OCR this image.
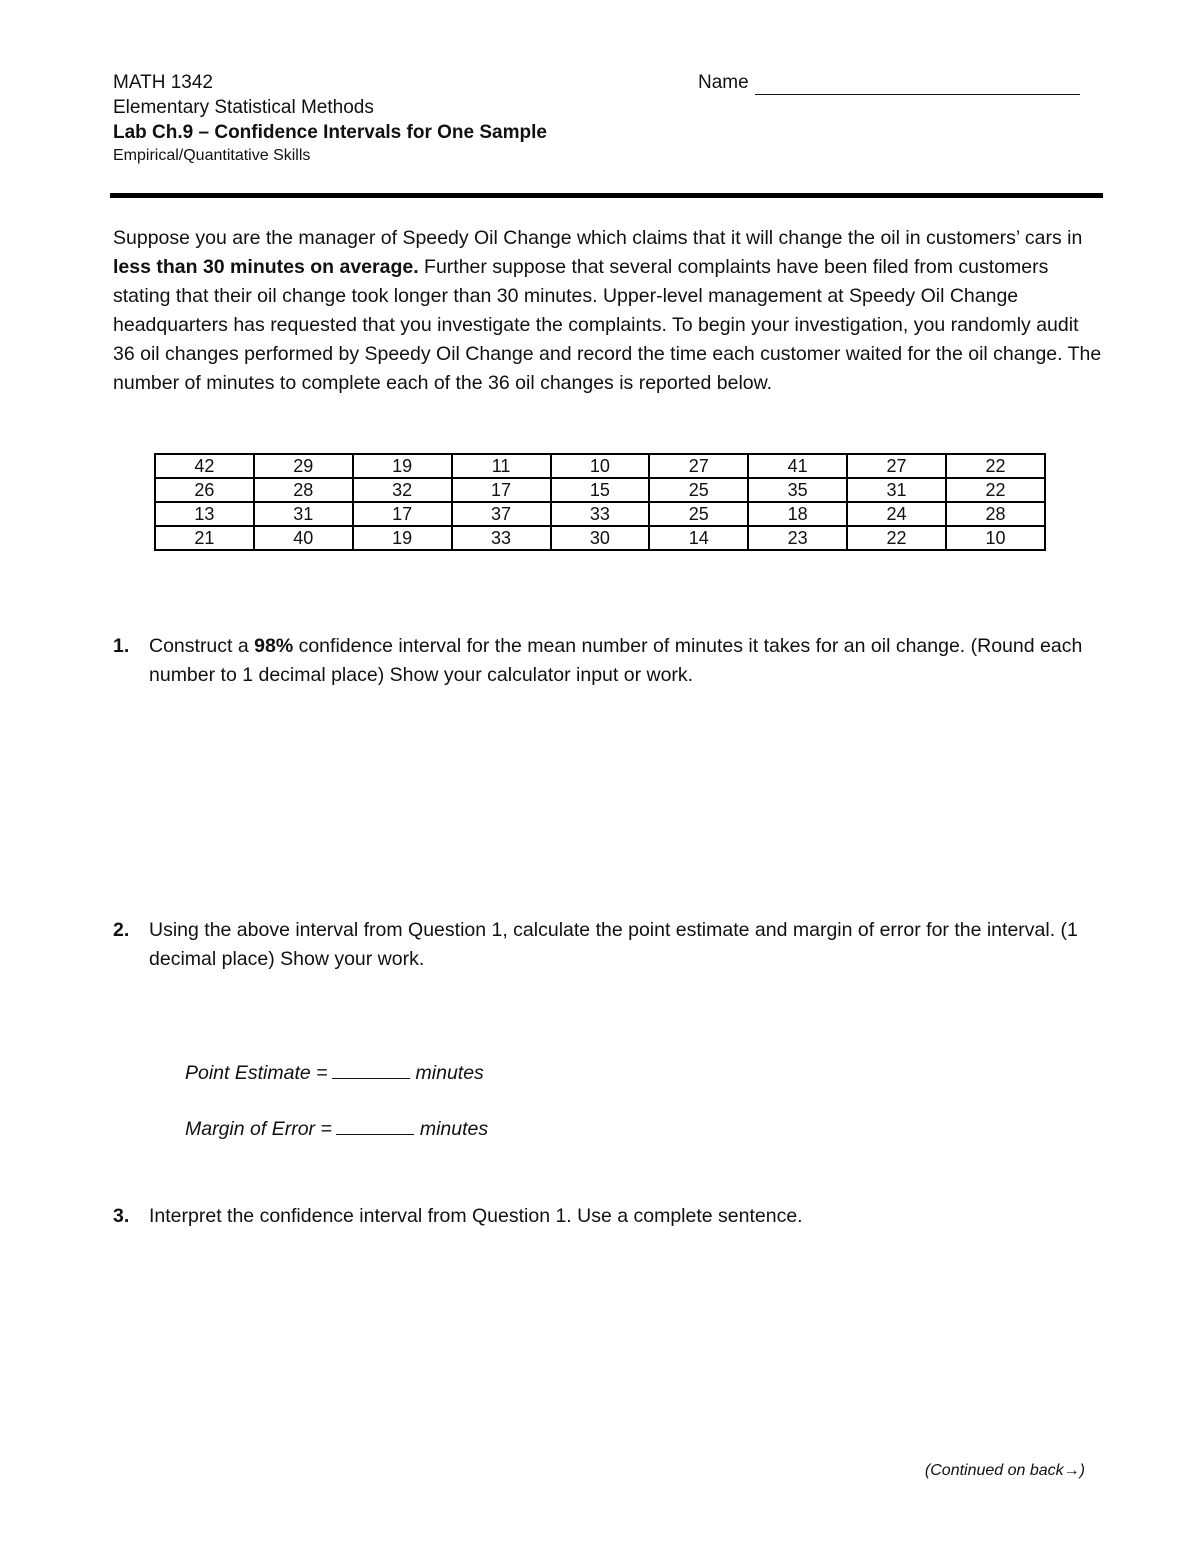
MATH 1342

Elementary Statistical Methods

Lab Ch.9 – Confidence Intervals for One Sample

Empirical/Quantitative Skills

Name

Suppose you are the manager of Speedy Oil Change which claims that it will change the oil in customers’ cars in less than 30 minutes on average. Further suppose that several complaints have been filed from customers stating that their oil change took longer than 30 minutes. Upper-level management at Speedy Oil Change headquarters has requested that you investigate the complaints. To begin your investigation, you randomly audit 36 oil changes performed by Speedy Oil Change and record the time each customer waited for the oil change. The number of minutes to complete each of the 36 oil changes is reported below.

42	29	19	11	10	27	41	27	22
26	28	32	17	15	25	35	31	22
13	31	17	37	33	25	18	24	28
21	40	19	33	30	14	23	22	10
1. Construct a 98% confidence interval for the mean number of minutes it takes for an oil change. (Round each number to 1 decimal place) Show your calculator input or work.
2. Using the above interval from Question 1, calculate the point estimate and margin of error for the interval. (1 decimal place) Show your work.
Point Estimate =	minutes
Margin of Error =	minutes
3. Interpret the confidence interval from Question 1. Use a complete sentence.
(Continued on back→)
